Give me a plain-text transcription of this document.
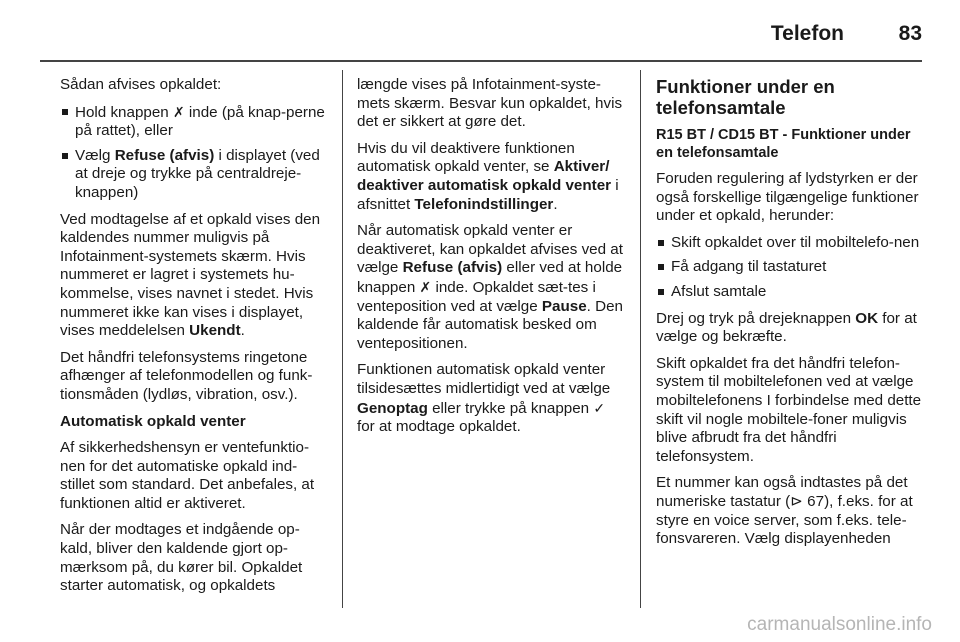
Telefon	83

Sådan afvises opkaldet:

Hold knappen ✗ inde (på knap-perne på rattet), eller
Vælg Refuse (afvis) i displayet (ved at dreje og trykke på centraldreje-knappen)

Ved modtagelse af et opkald vises den kaldendes nummer muligvis på Infotainment-systemets skærm. Hvis nummeret er lagret i systemets hu-kommelse, vises navnet i stedet. Hvis nummeret ikke kan vises i displayet, vises meddelelsen Ukendt.

Det håndfri telefonsystems ringetone afhænger af telefonmodellen og funk-tionsmåden (lydløs, vibration, osv.).

Automatisk opkald venter

Af sikkerhedshensyn er ventefunktio-nen for det automatiske opkald ind-stillet som standard. Det anbefales, at funktionen altid er aktiveret.

Når der modtages et indgående op-kald, bliver den kaldende gjort op-mærksom på, du kører bil. Opkaldet starter automatisk, og opkaldets

længde vises på Infotainment-syste-mets skærm. Besvar kun opkaldet, hvis det er sikkert at gøre det.

Hvis du vil deaktivere funktionen automatisk opkald venter, se Aktiver/ deaktiver automatisk opkald venter i afsnittet Telefonindstillinger.

Når automatisk opkald venter er deaktiveret, kan opkaldet afvises ved at vælge Refuse (afvis) eller ved at holde knappen ✗ inde. Opkaldet sæt-tes i venteposition ved at vælge Pause. Den kaldende får automatisk besked om ventepositionen.

Funktionen automatisk opkald venter tilsidesættes midlertidigt ved at vælge Genoptag eller trykke på knappen ✓ for at modtage opkaldet.

Funktioner under en telefonsamtale

R15 BT / CD15 BT - Funktioner under en telefonsamtale

Foruden regulering af lydstyrken er der også forskellige tilgængelige funktioner under et opkald, herunder:

Skift opkaldet over til mobiltelefo-nen
Få adgang til tastaturet
Afslut samtale

Drej og tryk på drejeknappen OK for at vælge og bekræfte.

Skift opkaldet fra det håndfri telefon-system til mobiltelefonen ved at vælge mobiltelefonens I forbindelse med dette skift vil nogle mobiltele-foner muligvis blive afbrudt fra det håndfri telefonsystem.

Et nummer kan også indtastes på det numeriske tastatur (⊳ 67), f.eks. for at styre en voice server, som f.eks. tele-fonsvareren. Vælg displayenheden

carmanualsonline.info
